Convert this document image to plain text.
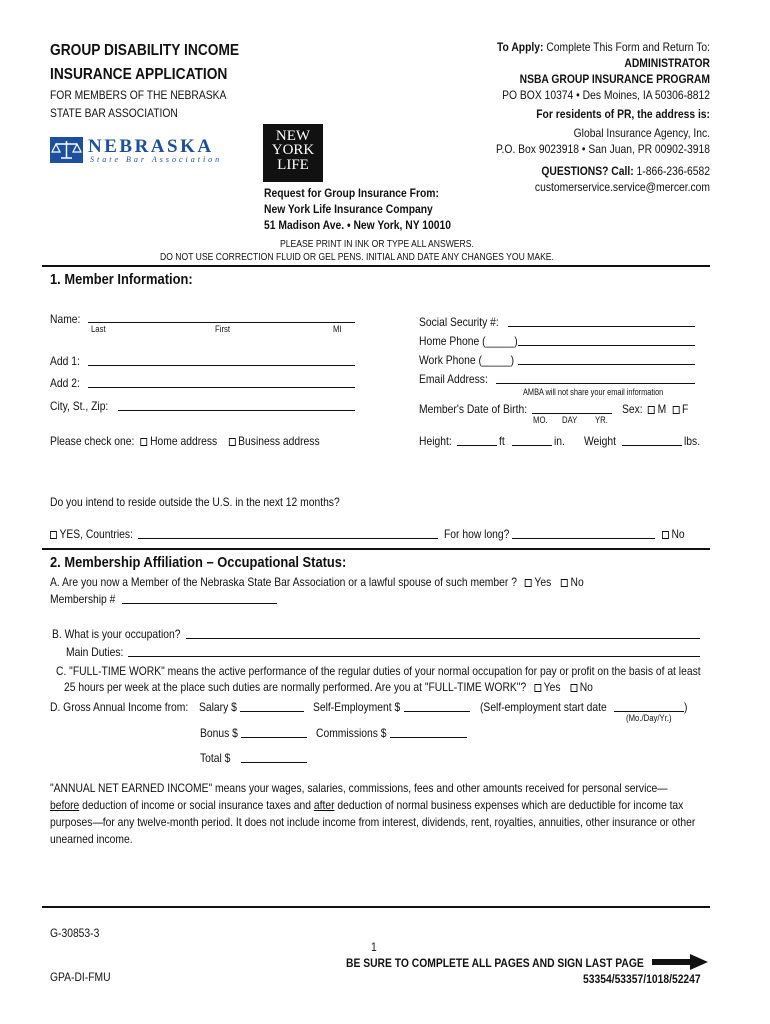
GROUP DISABILITY INCOME
INSURANCE APPLICATION
FOR MEMBERS OF THE NEBRASKA
STATE BAR ASSOCIATION
NEBRASKA
State Bar Association
NEW
YORK
LIFE
Request for Group Insurance From:
New York Life Insurance Company
51 Madison Ave. • New York, NY 10010
To Apply: Complete This Form and Return To:
ADMINISTRATOR
NSBA GROUP INSURANCE PROGRAM
PO BOX 10374 • Des Moines, IA 50306-8812
For residents of PR, the address is:
Global Insurance Agency, Inc.
P.O. Box 9023918 • San Juan, PR 00902-3918
QUESTIONS? Call: 1-866-236-6582
customerservice.service@mercer.com
PLEASE PRINT IN INK OR TYPE ALL ANSWERS.
DO NOT USE CORRECTION FLUID OR GEL PENS. INITIAL AND DATE ANY CHANGES YOU MAKE.
1. Member Information:
Name:
Last	First	MI
Add 1:
Add 2:
City, St., Zip:
Please check one: Home address Business address
Social Security #:
Home Phone (_____)
Work Phone (_____)
Email Address:
AMBA will not share your email information
Member's Date of Birth:
MO. DAY YR.
Sex: M F
Height:	ft	in. Weight	lbs.
Do you intend to reside outside the U.S. in the next 12 months?
YES, Countries:	For how long?	No
2. Membership Affiliation – Occupational Status:
A. Are you now a Member of the Nebraska State Bar Association or a lawful spouse of such member ? Yes No
Membership #
B. What is your occupation?
Main Duties:
C. "FULL-TIME WORK" means the active performance of the regular duties of your normal occupation for pay or profit on the basis of at least
25 hours per week at the place such duties are normally performed. Are you at "FULL-TIME WORK"? Yes No
D. Gross Annual Income from: Salary $	Self-Employment $	(Self-employment start date	)
(Mo./Day/Yr.)
Bonus $	Commissions $
Total $
"ANNUAL NET EARNED INCOME" means your wages, salaries, commissions, fees and other amounts received for personal service—
before deduction of income or social insurance taxes and after deduction of normal business expenses which are deductible for income tax
purposes—for any twelve-month period. It does not include income from interest, dividends, rent, royalties, annuities, other insurance or other
unearned income.
G-30853-3
1
BE SURE TO COMPLETE ALL PAGES AND SIGN LAST PAGE
GPA-DI-FMU	53354/53357/1018/52247
